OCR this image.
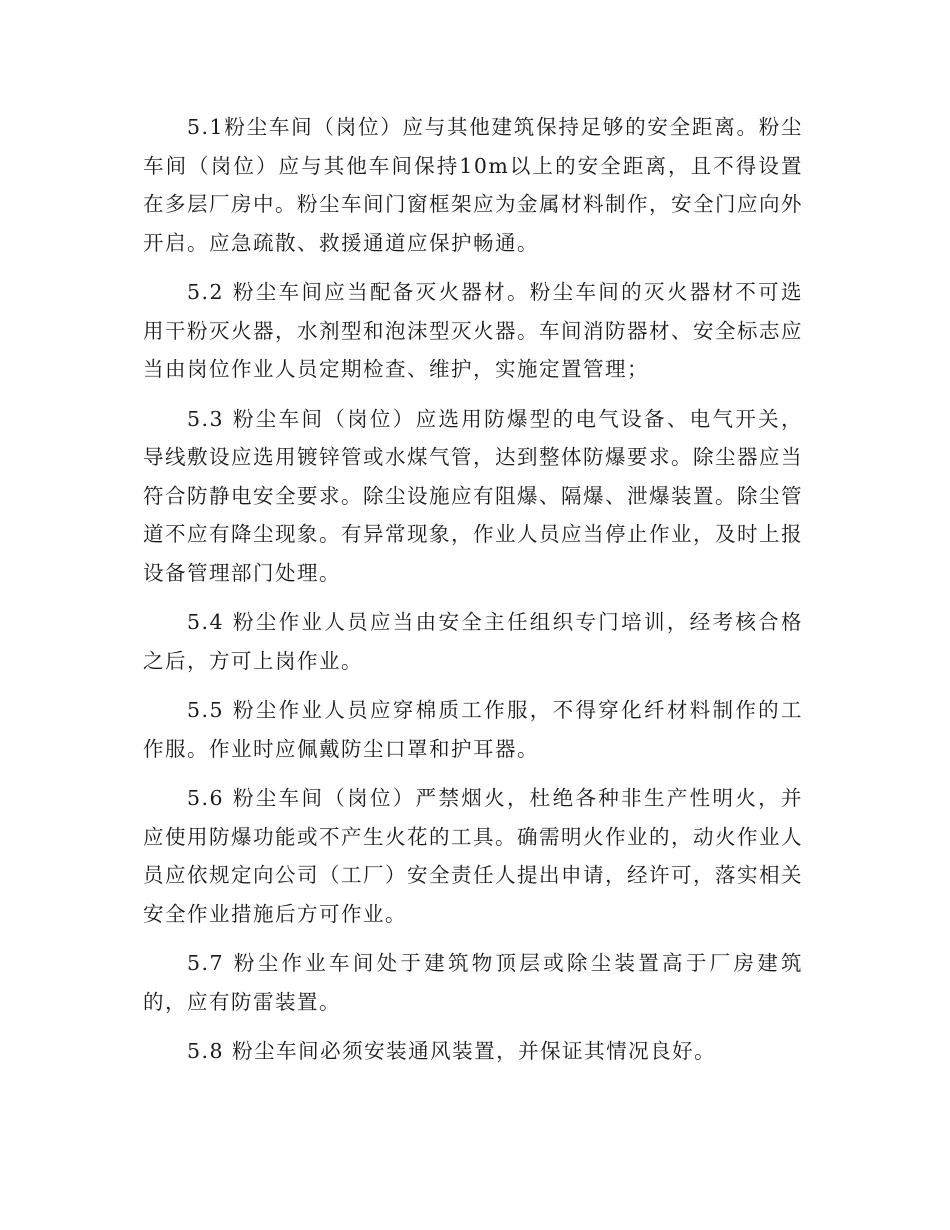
5.1粉尘车间（岗位）应与其他建筑保持足够的安全距离。粉尘车间（岗位）应与其他车间保持10m以上的安全距离，且不得设置在多层厂房中。粉尘车间门窗框架应为金属材料制作，安全门应向外开启。应急疏散、救援通道应保护畅通。

5.2 粉尘车间应当配备灭火器材。粉尘车间的灭火器材不可选用干粉灭火器，水剂型和泡沫型灭火器。车间消防器材、安全标志应当由岗位作业人员定期检查、维护，实施定置管理；

5.3 粉尘车间（岗位）应选用防爆型的电气设备、电气开关，导线敷设应选用镀锌管或水煤气管，达到整体防爆要求。除尘器应当符合防静电安全要求。除尘设施应有阻爆、隔爆、泄爆装置。除尘管道不应有降尘现象。有异常现象，作业人员应当停止作业，及时上报设备管理部门处理。

5.4 粉尘作业人员应当由安全主任组织专门培训，经考核合格之后，方可上岗作业。

5.5 粉尘作业人员应穿棉质工作服，不得穿化纤材料制作的工作服。作业时应佩戴防尘口罩和护耳器。

5.6 粉尘车间（岗位）严禁烟火，杜绝各种非生产性明火，并应使用防爆功能或不产生火花的工具。确需明火作业的，动火作业人员应依规定向公司（工厂）安全责任人提出申请，经许可，落实相关安全作业措施后方可作业。

5.7 粉尘作业车间处于建筑物顶层或除尘装置高于厂房建筑的，应有防雷装置。

5.8 粉尘车间必须安装通风装置，并保证其情况良好。
